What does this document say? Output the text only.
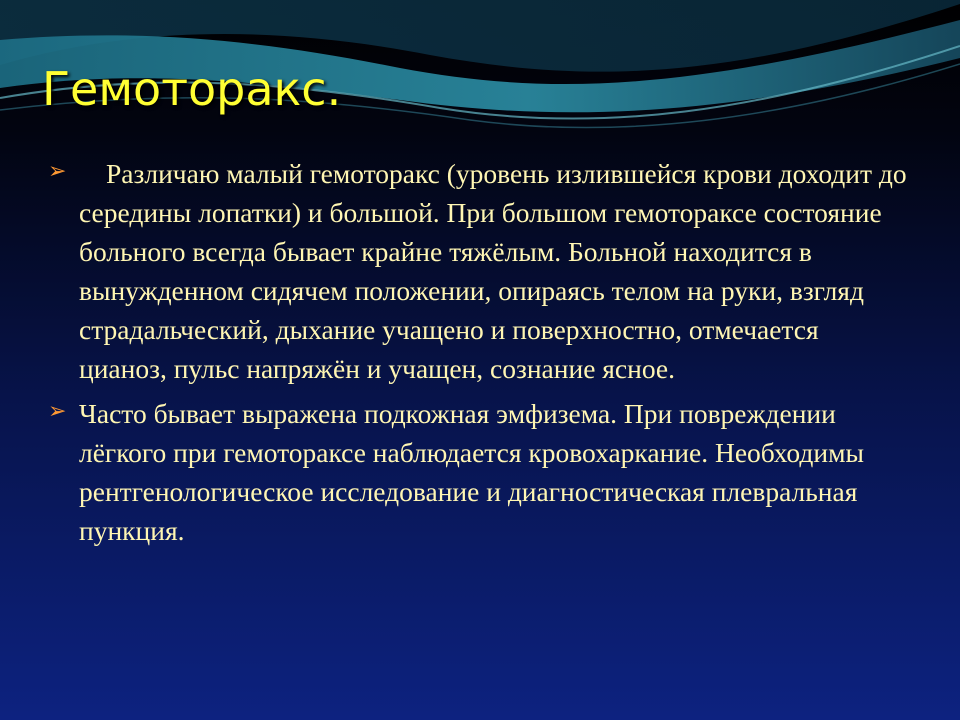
Гемоторакс.
➢	Различаю малый гемоторакс (уровень излившейся крови доходит до середины лопатки) и большой. При большом гемотораксе состояние больного всегда бывает крайне тяжёлым. Больной находится в вынужденном сидячем положении, опираясь телом на руки, взгляд страдальческий, дыхание учащено и поверхностно, отмечается цианоз, пульс напряжён и учащен, сознание ясное.

➢ Часто бывает выражена подкожная эмфизема. При повреждении лёгкого при гемотораксе наблюдается кровохаркание. Необходимы рентгенологическое исследование и диагностическая плевральная пункция.
